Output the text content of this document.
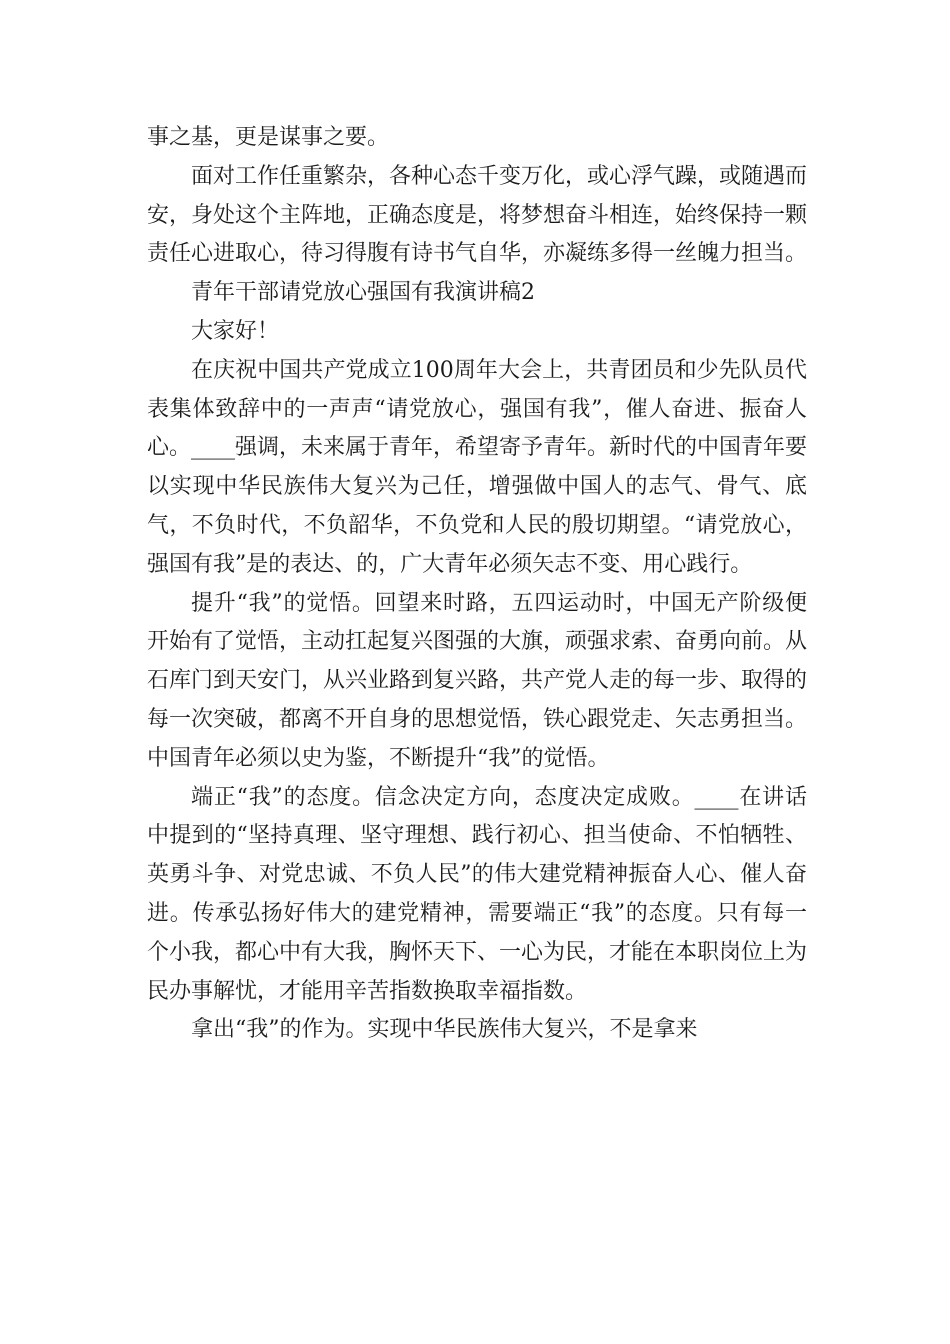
事之基，更是谋事之要。

面对工作任重繁杂，各种心态千变万化，或心浮气躁，或随遇而安，身处这个主阵地，正确态度是，将梦想奋斗相连，始终保持一颗责任心进取心，待习得腹有诗书气自华，亦凝练多得一丝魄力担当。

青年干部请党放心强国有我演讲稿2

大家好！

在庆祝中国共产党成立100周年大会上，共青团员和少先队员代表集体致辞中的一声声“请党放心，强国有我”，催人奋进、振奋人心。____强调，未来属于青年，希望寄予青年。新时代的中国青年要以实现中华民族伟大复兴为己任，增强做中国人的志气、骨气、底气，不负时代，不负韶华，不负党和人民的殷切期望。“请党放心，强国有我”是的表达、的，广大青年必须矢志不变、用心践行。

提升“我”的觉悟。回望来时路，五四运动时，中国无产阶级便开始有了觉悟，主动扛起复兴图强的大旗，顽强求索、奋勇向前。从石库门到天安门，从兴业路到复兴路，共产党人走的每一步、取得的每一次突破，都离不开自身的思想觉悟，铁心跟党走、矢志勇担当。中国青年必须以史为鉴，不断提升“我”的觉悟。

端正“我”的态度。信念决定方向，态度决定成败。____在讲话中提到的“坚持真理、坚守理想、践行初心、担当使命、不怕牺牲、英勇斗争、对党忠诚、不负人民”的伟大建党精神振奋人心、催人奋进。传承弘扬好伟大的建党精神，需要端正“我”的态度。只有每一个小我，都心中有大我，胸怀天下、一心为民，才能在本职岗位上为民办事解忧，才能用辛苦指数换取幸福指数。

拿出“我”的作为。实现中华民族伟大复兴，不是拿来
